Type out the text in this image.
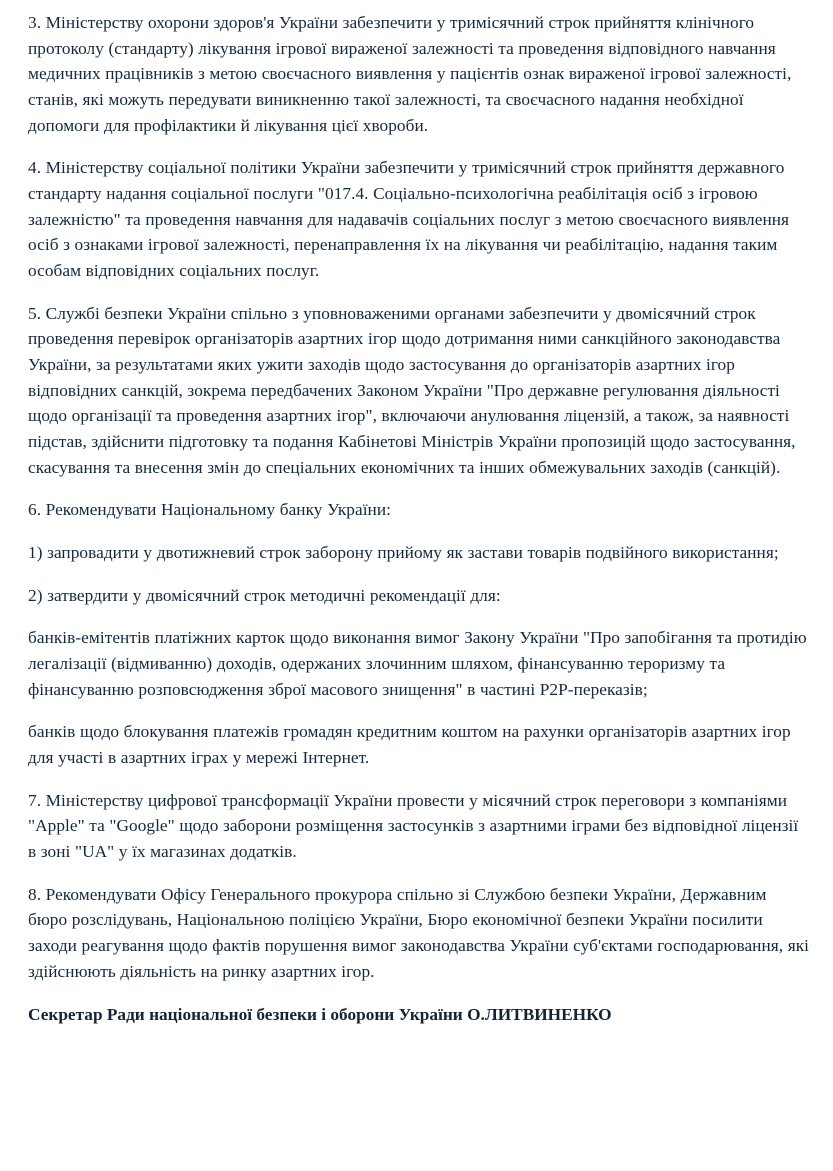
3. Міністерству охорони здоров'я України забезпечити у тримісячний строк прийняття клінічного протоколу (стандарту) лікування ігрової вираженої залежності та проведення відповідного навчання медичних працівників з метою своєчасного виявлення у пацієнтів ознак вираженої ігрової залежності, станів, які можуть передувати виникненню такої залежності, та своєчасного надання необхідної допомоги для профілактики й лікування цієї хвороби.

4. Міністерству соціальної політики України забезпечити у тримісячний строк прийняття державного стандарту надання соціальної послуги "017.4. Соціально-психологічна реабілітація осіб з ігровою залежністю" та проведення навчання для надавачів соціальних послуг з метою своєчасного виявлення осіб з ознаками ігрової залежності, перенаправлення їх на лікування чи реабілітацію, надання таким особам відповідних соціальних послуг.

5. Службі безпеки України спільно з уповноваженими органами забезпечити у двомісячний строк проведення перевірок організаторів азартних ігор щодо дотримання ними санкційного законодавства України, за результатами яких ужити заходів щодо застосування до організаторів азартних ігор відповідних санкцій, зокрема передбачених Законом України "Про державне регулювання діяльності щодо організації та проведення азартних ігор", включаючи анулювання ліцензій, а також, за наявності підстав, здійснити підготовку та подання Кабінетові Міністрів України пропозицій щодо застосування, скасування та внесення змін до спеціальних економічних та інших обмежувальних заходів (санкцій).

6. Рекомендувати Національному банку України:

1) запровадити у двотижневий строк заборону прийому як застави товарів подвійного використання;

2) затвердити у двомісячний строк методичні рекомендації для:

банків-емітентів платіжних карток щодо виконання вимог Закону України "Про запобігання та протидію легалізації (відмиванню) доходів, одержаних злочинним шляхом, фінансуванню тероризму та фінансуванню розповсюдження зброї масового знищення" в частині Р2Р-переказів;

банків щодо блокування платежів громадян кредитним коштом на рахунки організаторів азартних ігор для участі в азартних іграх у мережі Інтернет.

7. Міністерству цифрової трансформації України провести у місячний строк переговори з компаніями "Apple" та "Google" щодо заборони розміщення застосунків з азартними іграми без відповідної ліцензії в зоні "UA" у їх магазинах додатків.

8. Рекомендувати Офісу Генерального прокурора спільно зі Службою безпеки України, Державним бюро розслідувань, Національною поліцією України, Бюро економічної безпеки України посилити заходи реагування щодо фактів порушення вимог законодавства України суб'єктами господарювання, які здійснюють діяльність на ринку азартних ігор.

Секретар Ради національної безпеки і оборони України О.ЛИТВИНЕНКО
